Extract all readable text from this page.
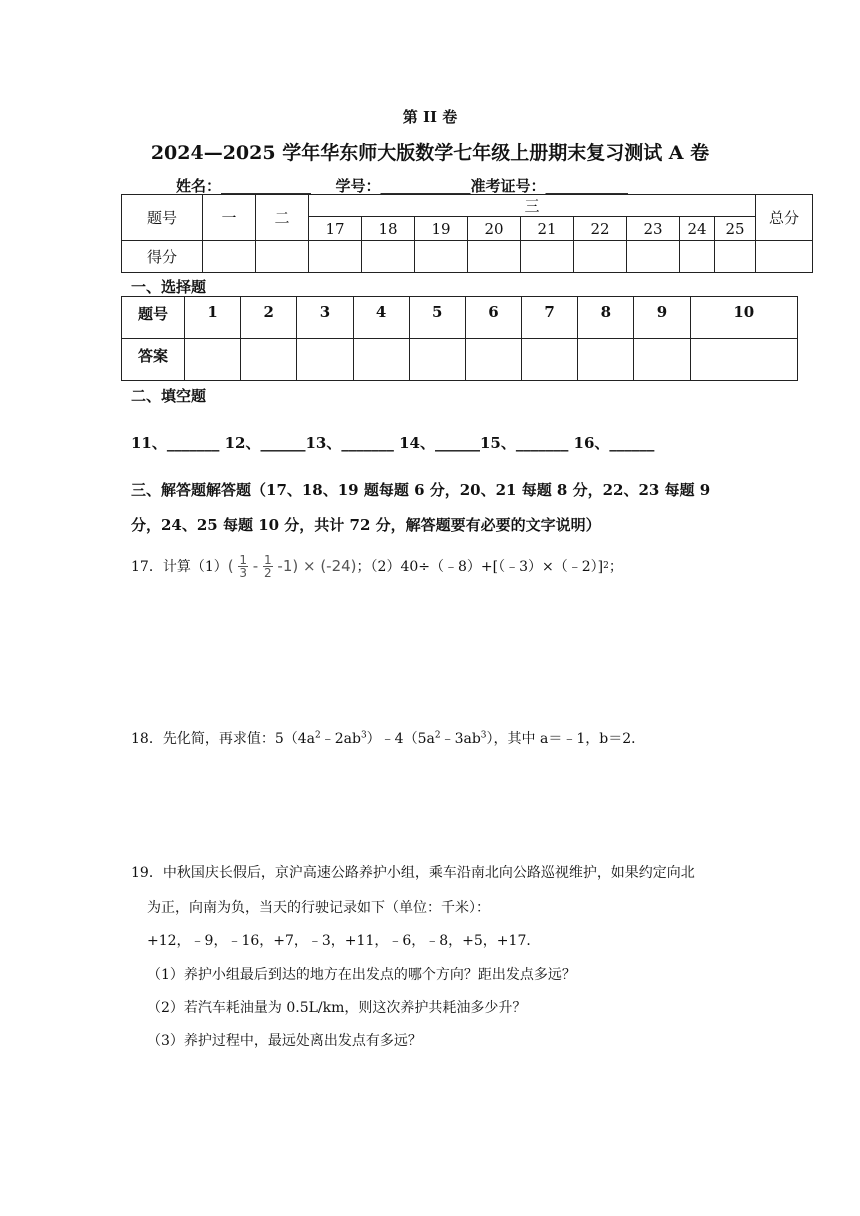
第 II 卷
2024—2025 学年华东师大版数学七年级上册期末复习测试 A 卷
姓名：____________ 学号：____________准考证号：___________
题号	一	二	三									总分
			17	18	19	20	21	22	23	24	25	
得分												
一、选择题
题号	1	2	3	4	5	6	7	8	9	10
答案										
二、填空题
11、_______ 12、______13、_______ 14、______15、_______ 16、______
三、解答题解答题（17、18、19 题每题 6 分，20、21 每题 8 分，22、23 每题 9
分，24、25 每题 10 分，共计 72 分，解答题要有必要的文字说明）
17．计算（1） ( $\frac{1}{3} - \frac{1}{2} -1) \times (-24)$ ；（2）40÷（﹣8）+[（﹣3）×（﹣2）] 2 ；
18．先化简，再求值：$5(4a^2﹣2ab^3)﹣4(5a^2﹣3ab^3)$，其中 a＝﹣1，b＝2．
19．中秋国庆长假后，京沪高速公路养护小组，乘车沿南北向公路巡视维护，如果约定向北
为正，向南为负，当天的行驶记录如下（单位：千米）：
+12，﹣9，﹣16，+7，﹣3，+11，﹣6，﹣8，+5，+17．
（1）养护小组最后到达的地方在出发点的哪个方向？距出发点多远？
（2）若汽车耗油量为 0.5L/km，则这次养护共耗油多少升？
（3）养护过程中，最远处离出发点有多远？
